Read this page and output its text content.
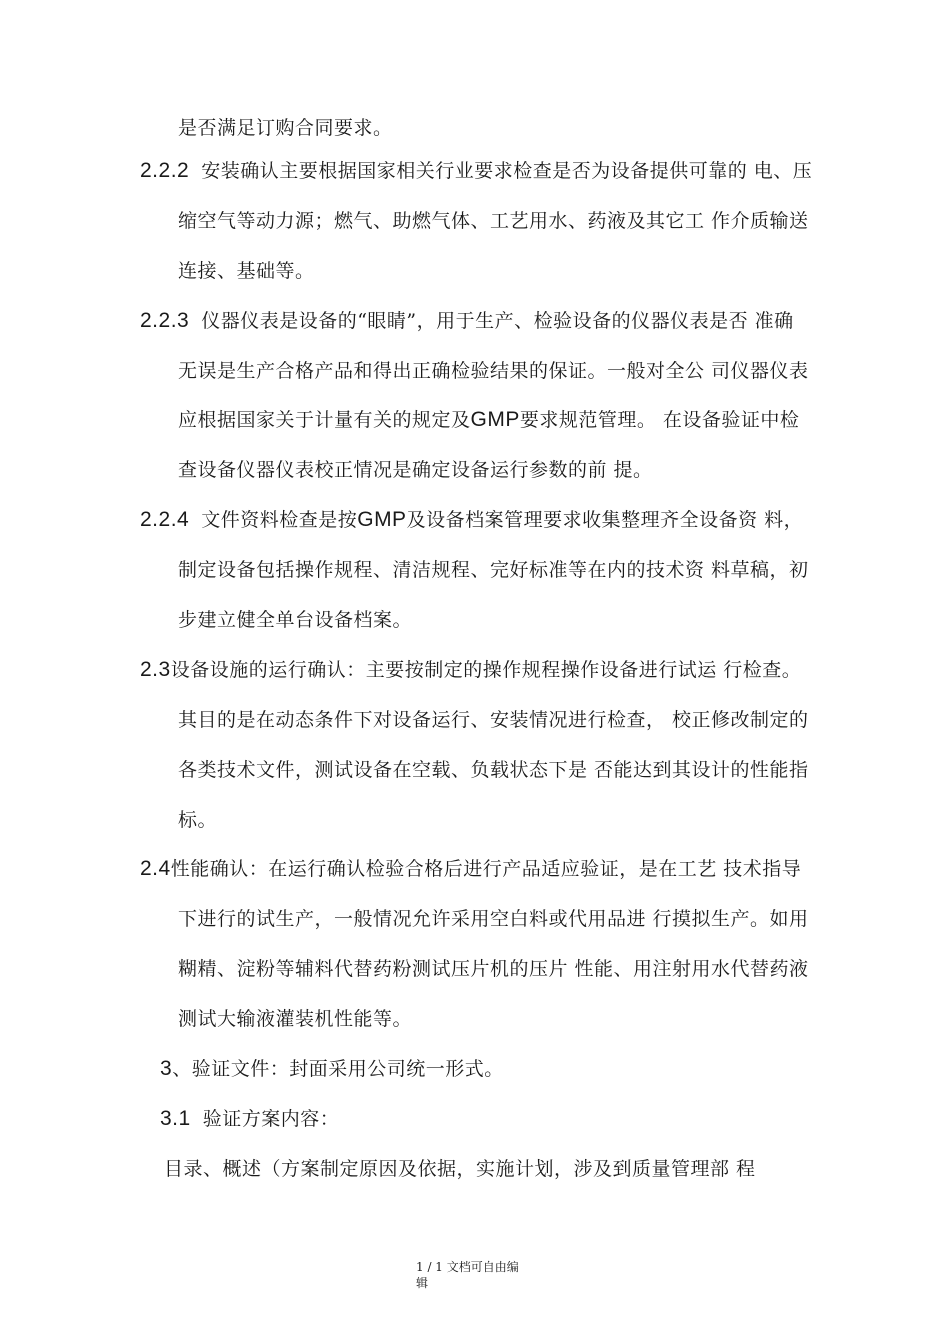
是否满足订购合同要求。
2.2.2 安装确认主要根据国家相关行业要求检查是否为设备提供可靠的 电、压
缩空气等动力源；燃气、助燃气体、工艺用水、药液及其它工 作介质输送
连接、基础等。
2.2.3 仪器仪表是设备的“眼睛”，用于生产、检验设备的仪器仪表是否 准确
无误是生产合格产品和得出正确检验结果的保证。一般对全公 司仪器仪表
应根据国家关于计量有关的规定及GMP要求规范管理。 在设备验证中检
查设备仪器仪表校正情况是确定设备运行参数的前 提。
2.2.4 文件资料检查是按GMP及设备档案管理要求收集整理齐全设备资 料，
制定设备包括操作规程、清洁规程、完好标准等在内的技术资 料草稿，初
步建立健全单台设备档案。
2.3设备设施的运行确认：主要按制定的操作规程操作设备进行试运 行检查。
其目的是在动态条件下对设备运行、安装情况进行检查， 校正修改制定的
各类技术文件，测试设备在空载、负载状态下是 否能达到其设计的性能指
标。
2.4性能确认：在运行确认检验合格后进行产品适应验证，是在工艺 技术指导
下进行的试生产，一般情况允许采用空白料或代用品进 行摸拟生产。如用
糊精、淀粉等辅料代替药粉测试压片机的压片 性能、用注射用水代替药液
测试大输液灌装机性能等。
3、验证文件：封面采用公司统一形式。
3.1 验证方案内容：
目录、概述（方案制定原因及依据，实施计划，涉及到质量管理部 程
1 / 1 文档可自由编
辑
